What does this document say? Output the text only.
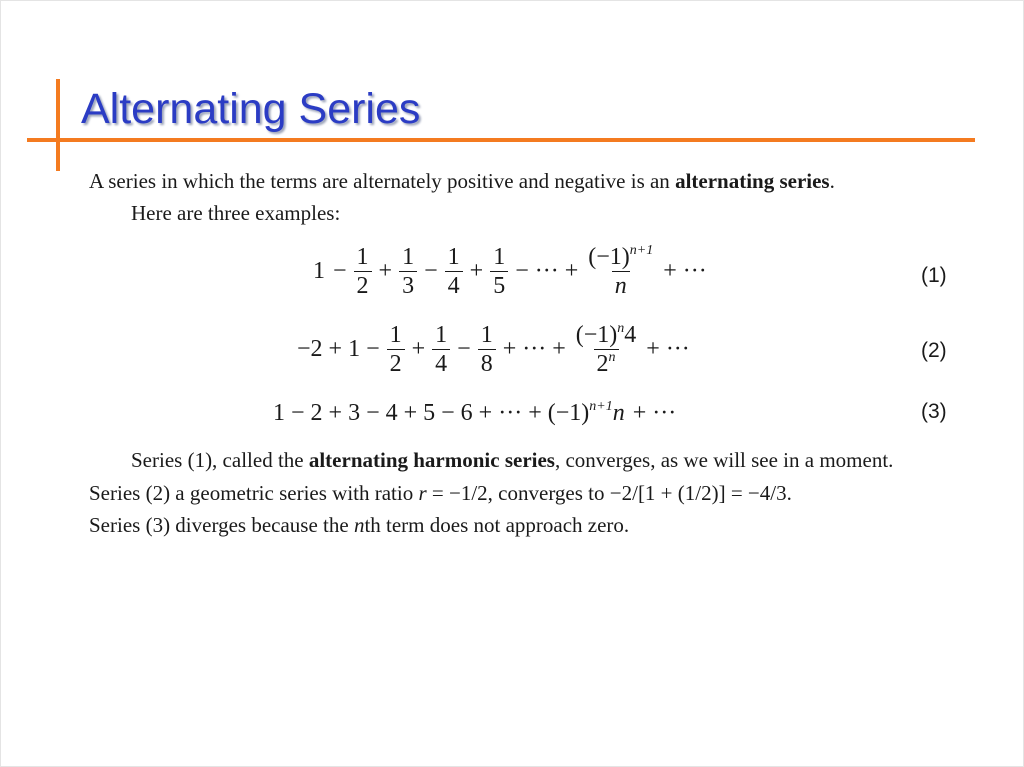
Alternating Series
A series in which the terms are alternately positive and negative is an alternating series.
Here are three examples:
$1 - \frac{1}{2} + \frac{1}{3} - \frac{1}{4} + \frac{1}{5}$ − ··· + $\frac{(-1)^{n+1}}{n}$ + ···	(1)
$-2 + 1 - \frac{1}{2} + \frac{1}{4} - \frac{1}{8}$ + ··· + $\frac{(-1)^n4}{2^n}$ + ···	(2)
1 − 2 + 3 − 4 + 5 − 6 + ··· + $(-1)^{n+1}n$ + ···	(3)
Series (1), called the alternating harmonic series, converges, as we will see in a moment.
Series (2) a geometric series with ratio r = −1/2, converges to −2/[1 + (1/2)] = −4/3.
Series (3) diverges because the nth term does not approach zero.
